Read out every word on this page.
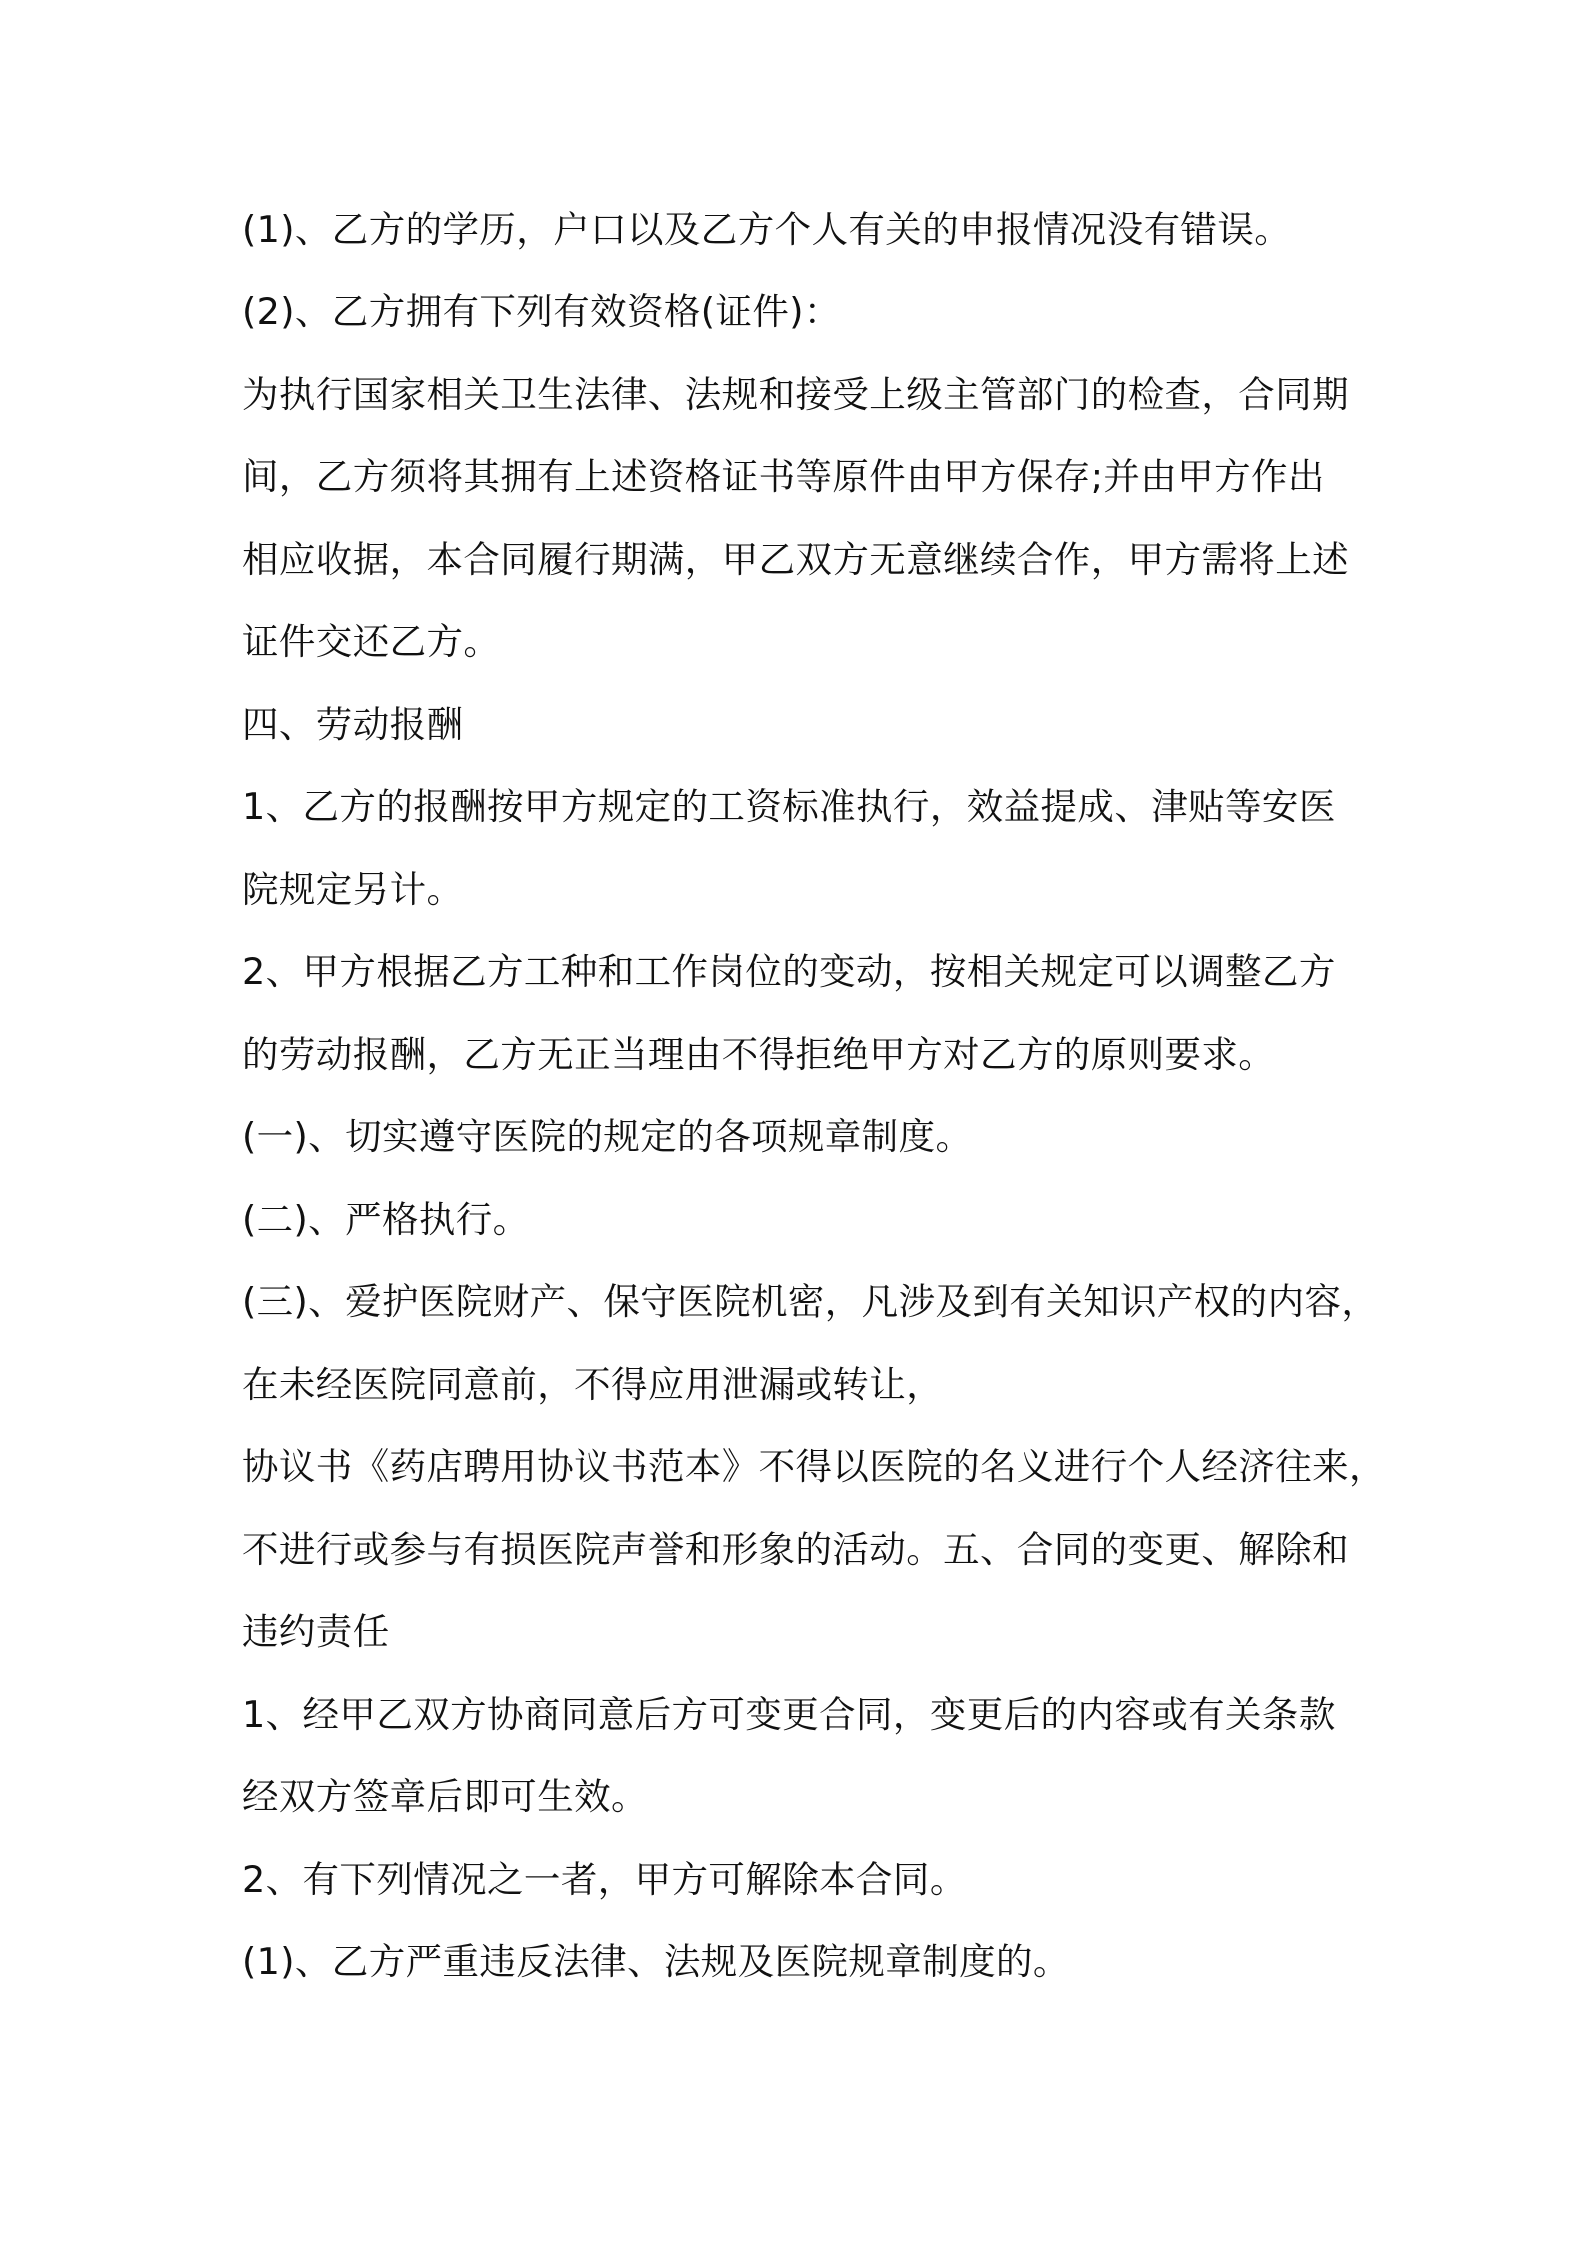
(1)、乙方的学历，户口以及乙方个人有关的申报情况没有错误。
(2)、乙方拥有下列有效资格(证件)：
为执行国家相关卫生法律、法规和接受上级主管部门的检查，合同期
间，乙方须将其拥有上述资格证书等原件由甲方保存;并由甲方作出
相应收据，本合同履行期满，甲乙双方无意继续合作，甲方需将上述
证件交还乙方。
四、劳动报酬
1、乙方的报酬按甲方规定的工资标准执行，效益提成、津贴等安医
院规定另计。
2、甲方根据乙方工种和工作岗位的变动，按相关规定可以调整乙方
的劳动报酬，乙方无正当理由不得拒绝甲方对乙方的原则要求。
(一)、切实遵守医院的规定的各项规章制度。
(二)、严格执行。
(三)、爱护医院财产、保守医院机密，凡涉及到有关知识产权的内容，
在未经医院同意前，不得应用泄漏或转让，
协议书《药店聘用协议书范本》不得以医院的名义进行个人经济往来，
不进行或参与有损医院声誉和形象的活动。五、合同的变更、解除和
违约责任
1、经甲乙双方协商同意后方可变更合同，变更后的内容或有关条款
经双方签章后即可生效。
2、有下列情况之一者，甲方可解除本合同。
(1)、乙方严重违反法律、法规及医院规章制度的。
